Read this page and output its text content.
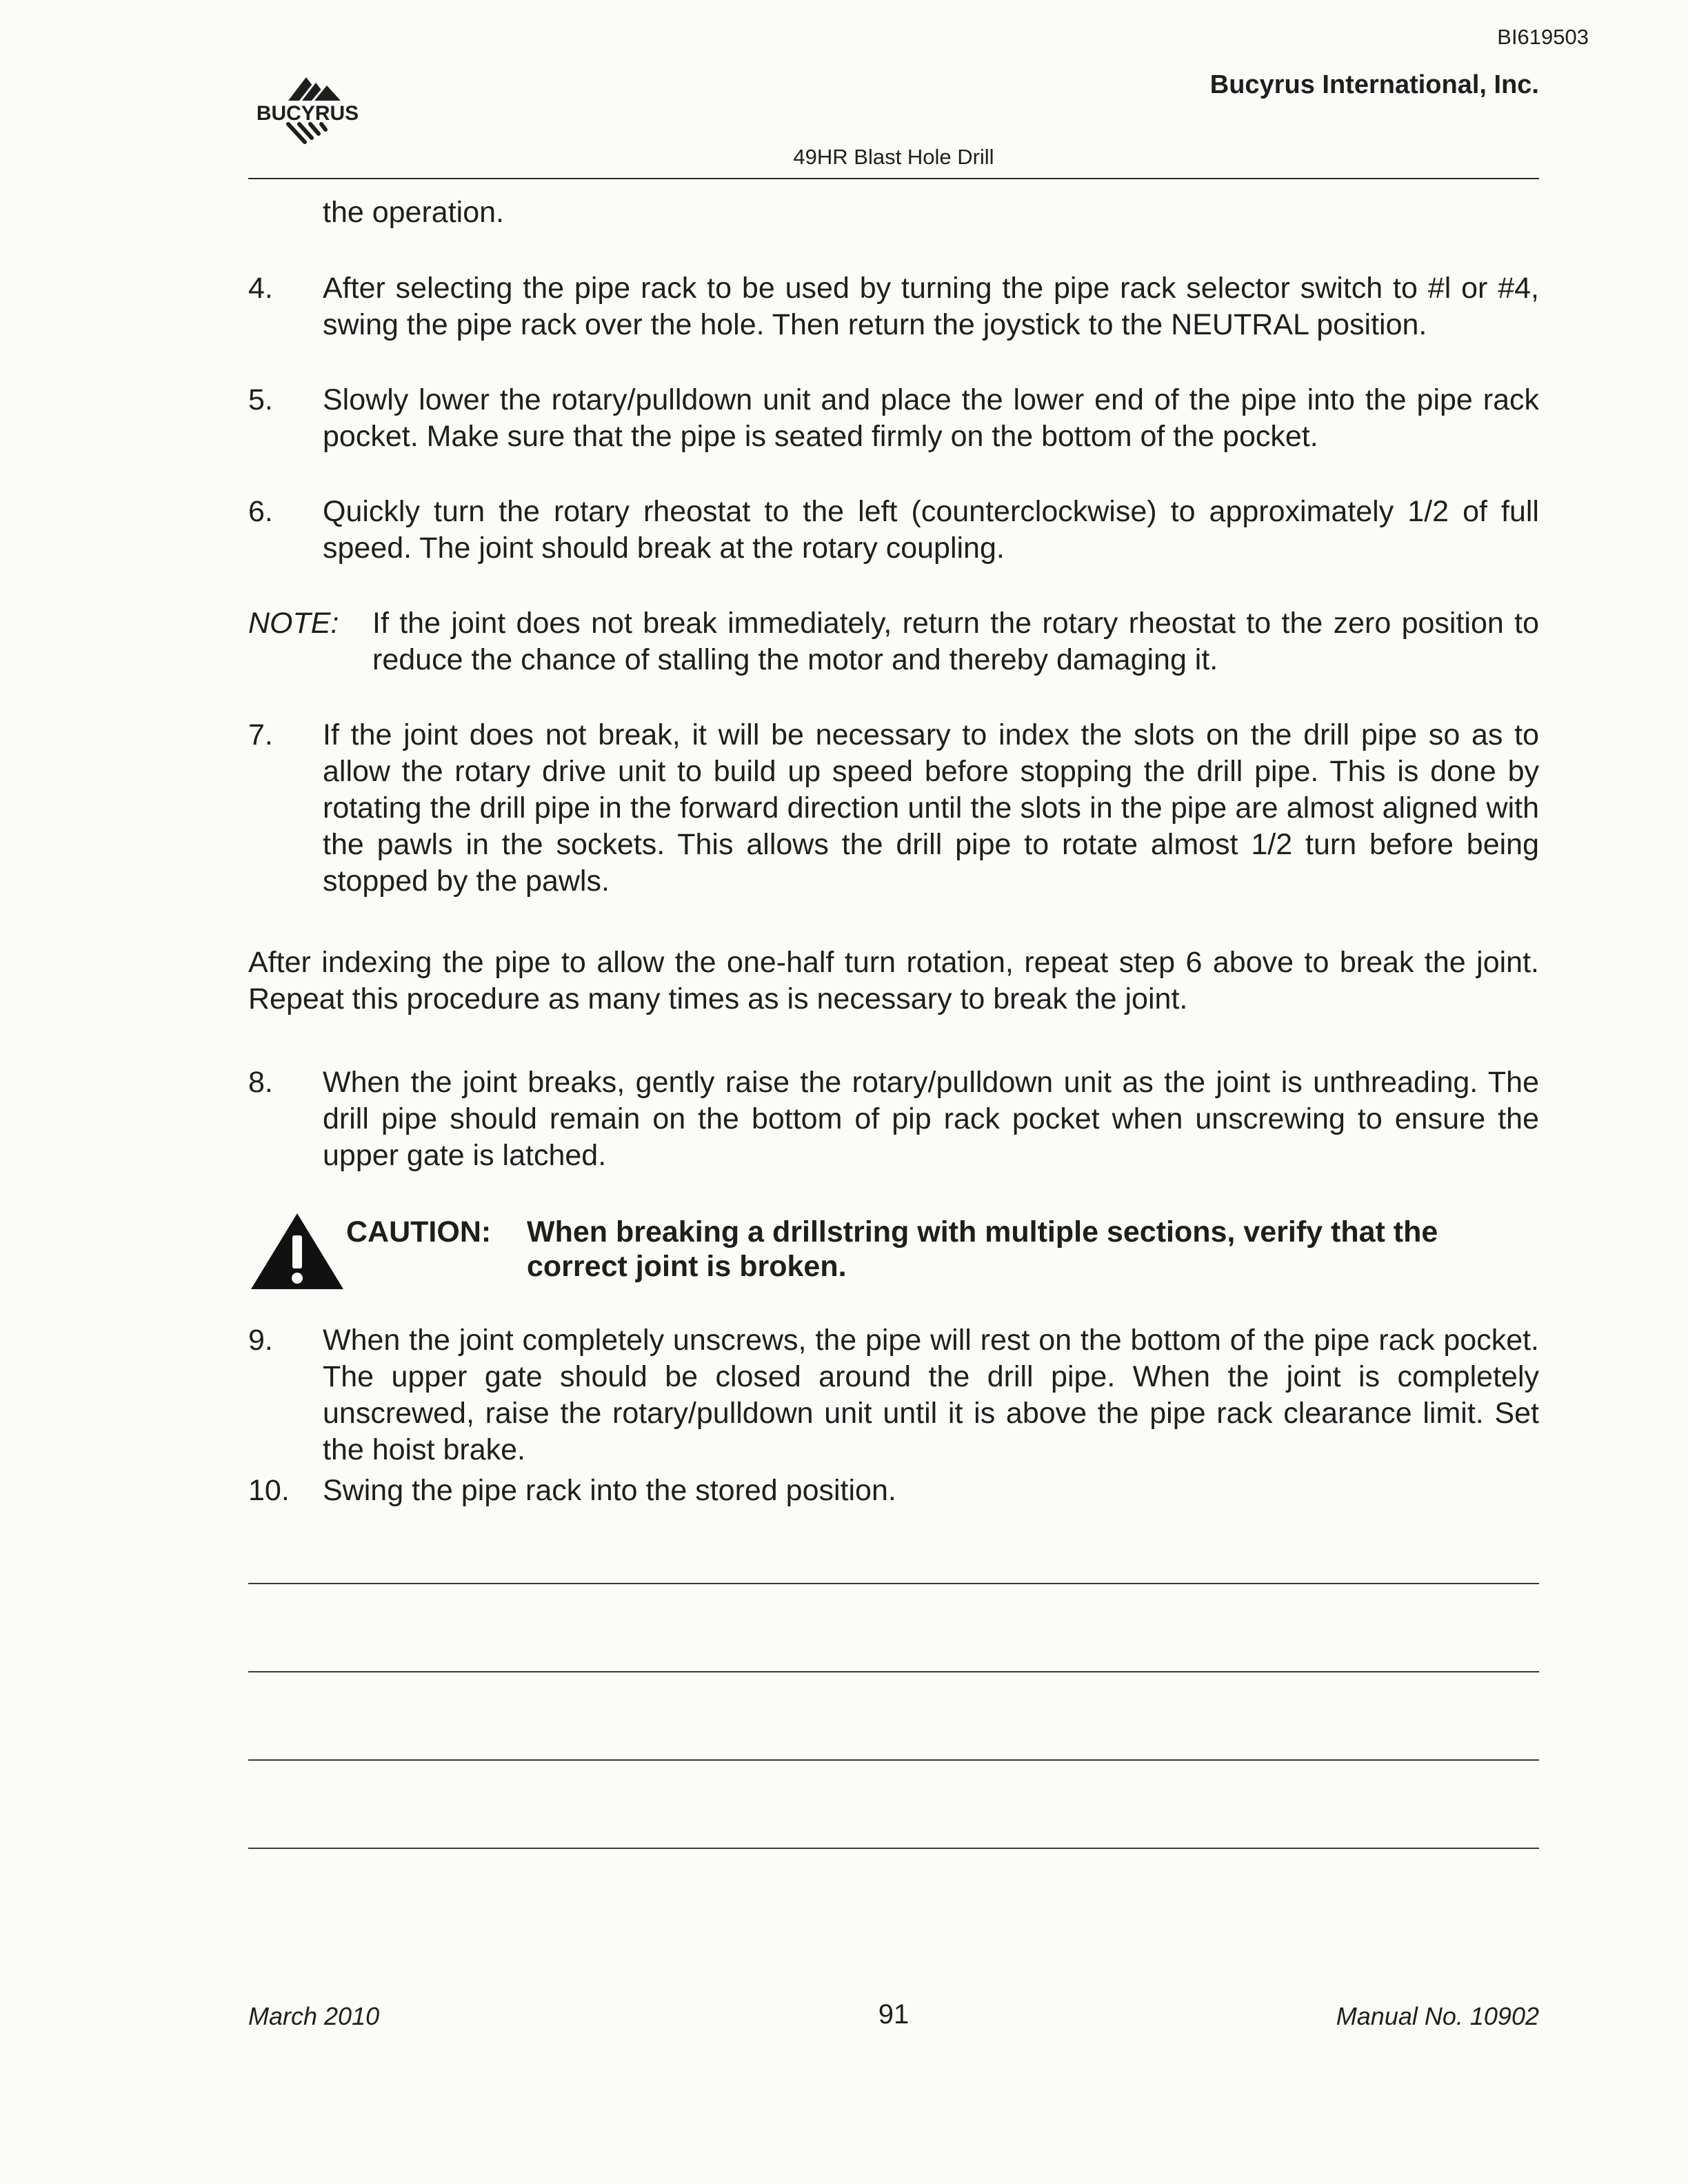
BI619503
BUCYRUS
Bucyrus International, Inc.
49HR Blast Hole Drill
the operation.
4. After selecting the pipe rack to be used by turning the pipe rack selector switch to #l or #4, swing the pipe rack over the hole. Then return the joystick to the NEUTRAL position.
5. Slowly lower the rotary/pulldown unit and place the lower end of the pipe into the pipe rack pocket. Make sure that the pipe is seated firmly on the bottom of the pocket.
6. Quickly turn the rotary rheostat to the left (counterclockwise) to approximately 1/2 of full speed. The joint should break at the rotary coupling.
NOTE: If the joint does not break immediately, return the rotary rheostat to the zero position to reduce the chance of stalling the motor and thereby damaging it.
7. If the joint does not break, it will be necessary to index the slots on the drill pipe so as to allow the rotary drive unit to build up speed before stopping the drill pipe. This is done by rotating the drill pipe in the forward direction until the slots in the pipe are almost aligned with the pawls in the sockets. This allows the drill pipe to rotate almost 1/2 turn before being stopped by the pawls.
After indexing the pipe to allow the one-half turn rotation, repeat step 6 above to break the joint. Repeat this procedure as many times as is necessary to break the joint.
8. When the joint breaks, gently raise the rotary/pulldown unit as the joint is unthreading. The drill pipe should remain on the bottom of pip rack pocket when unscrewing to ensure the upper gate is latched.
CAUTION: When breaking a drillstring with multiple sections, verify that the correct joint is broken.
9. When the joint completely unscrews, the pipe will rest on the bottom of the pipe rack pocket. The upper gate should be closed around the drill pipe. When the joint is completely unscrewed, raise the rotary/pulldown unit until it is above the pipe rack clearance limit. Set the hoist brake.
10. Swing the pipe rack into the stored position.
March 2010	91	Manual No. 10902
